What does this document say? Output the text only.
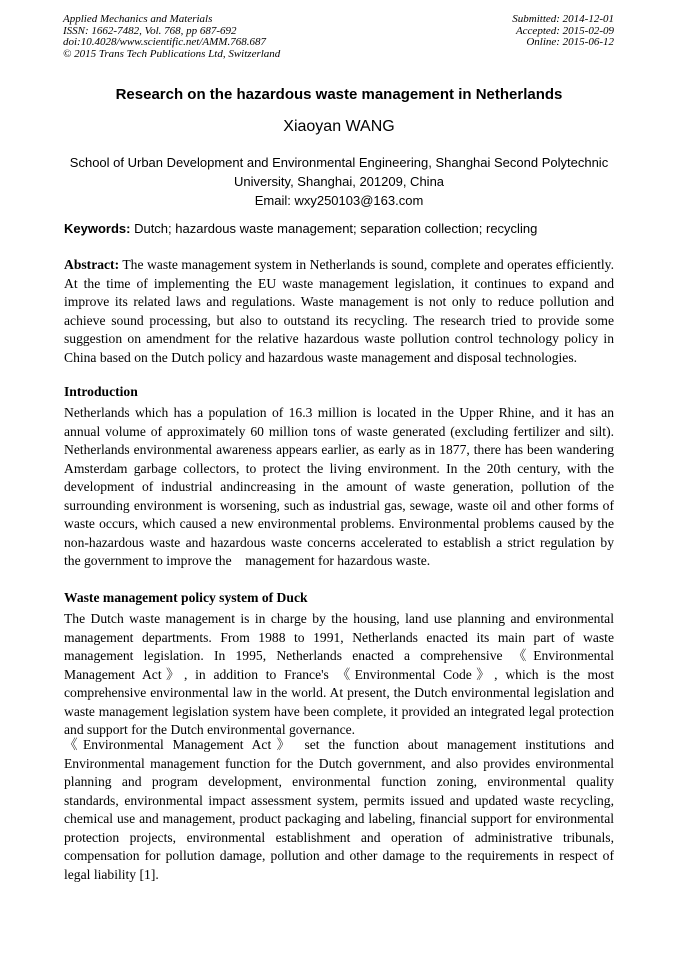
Applied Mechanics and Materials
ISSN: 1662-7482, Vol. 768, pp 687-692
doi:10.4028/www.scientific.net/AMM.768.687
© 2015 Trans Tech Publications Ltd, Switzerland
Submitted: 2014-12-01
Accepted: 2015-02-09
Online: 2015-06-12
Research on the hazardous waste management in Netherlands
Xiaoyan WANG
School of Urban Development and Environmental Engineering, Shanghai Second Polytechnic
University, Shanghai, 201209, China
Email: wxy250103@163.com
Keywords: Dutch; hazardous waste management; separation collection; recycling
Abstract: The waste management system in Netherlands is sound, complete and operates efficiently.
At the time of implementing the EU waste management legislation, it continues to expand and
improve its related laws and regulations. Waste management is not only to reduce pollution and
achieve sound processing, but also to outstand its recycling. The research tried to provide some
suggestion on amendment for the relative hazardous waste pollution control technology policy in
China based on the Dutch policy and hazardous waste management and disposal technologies.
Introduction
Netherlands which has a population of 16.3 million is located in the Upper Rhine, and it has an
annual volume of approximately 60 million tons of waste generated (excluding fertilizer and silt).
Netherlands environmental awareness appears earlier, as early as in 1877, there has been wandering
Amsterdam garbage collectors, to protect the living environment. In the 20th century, with the
development of industrial andincreasing in the amount of waste generation, pollution of the
surrounding environment is worsening, such as industrial gas, sewage, waste oil and other forms of
waste occurs, which caused a new environmental problems. Environmental problems caused by the
non-hazardous waste and hazardous waste concerns accelerated to establish a strict regulation by
the government to improve the    management for hazardous waste.
Waste management policy system of Duck
The Dutch waste management is in charge by the housing, land use planning and environmental
management departments. From 1988 to 1991, Netherlands enacted its main part of waste
management legislation. In 1995, Netherlands enacted a comprehensive 《Environmental
Management Act》, in addition to France's 《Environmental Code》, which is the most
comprehensive environmental law in the world. At present, the Dutch environmental legislation and
waste management legislation system have been complete, it provided an integrated legal protection
and support for the Dutch environmental governance.
《Environmental Management Act》 set the function about management institutions and
Environmental management function for the Dutch government, and also provides environmental
planning and program development, environmental function zoning, environmental quality
standards, environmental impact assessment system, permits issued and updated waste recycling,
chemical use and management, product packaging and labeling, financial support for environmental
protection projects, environmental establishment and operation of administrative tribunals,
compensation for pollution damage, pollution and other damage to the requirements in respect of
legal liability [1].
